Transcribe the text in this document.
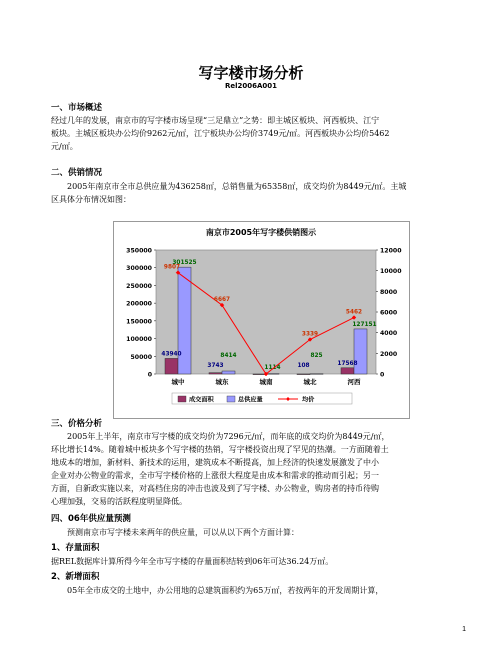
写字楼市场分析
Rel2006A001
一、市场概述
经过几年的发展，南京市的写字楼市场呈现“三足鼎立”之势：即主城区板块、河西板块、江宁
板块。主城区板块办公均价9262元/㎡，江宁板块办公均价3749元/㎡。河西板块办公均价5462
元/㎡。
二、供销情况
2005年南京市全市总供应量为436258㎡，总销售量为65358㎡，成交均价为8449元/㎡。主城
区具体分布情况如图：
南京市2005年写字楼供销图示
0
50000
100000
150000
200000
250000
300000
350000
0
2000
4000
6000
8000
10000
12000
城中	城东	城南	城北	河西
43940
3743	108	17568
301525
8414
1114
825
127151
9807
6667
3339
5462
成交面积	总供应量	均价
三、价格分析
2005年上半年，南京市写字楼的成交均价为7296元/㎡，而年底的成交均价为8449元/㎡，
环比增长14%。随着城中板块多个写字楼的热销，写字楼投资出现了罕见的热潮。一方面随着土
地成本的增加，新材料、新技术的运用，建筑成本不断提高，加上经济的快速发展激发了中小
企业对办公物业的需求，全市写字楼价格的上涨很大程度是由成本和需求的推动而引起；另一
方面，自新政实施以来，对高档住房的冲击也波及到了写字楼、办公物业，购房者的持币待购
心理加强，交易的活跃程度明显降低。
四、06年供应量预测
预测南京市写字楼未来两年的供应量，可以从以下两个方面计算：
1、存量面积
据REL数据库计算所得今年全市写字楼的存量面积结转到06年可达36.24万㎡。
2、新增面积
05年全市成交的土地中，办公用地的总建筑面积约为65万㎡，若按两年的开发周期计算，
1
